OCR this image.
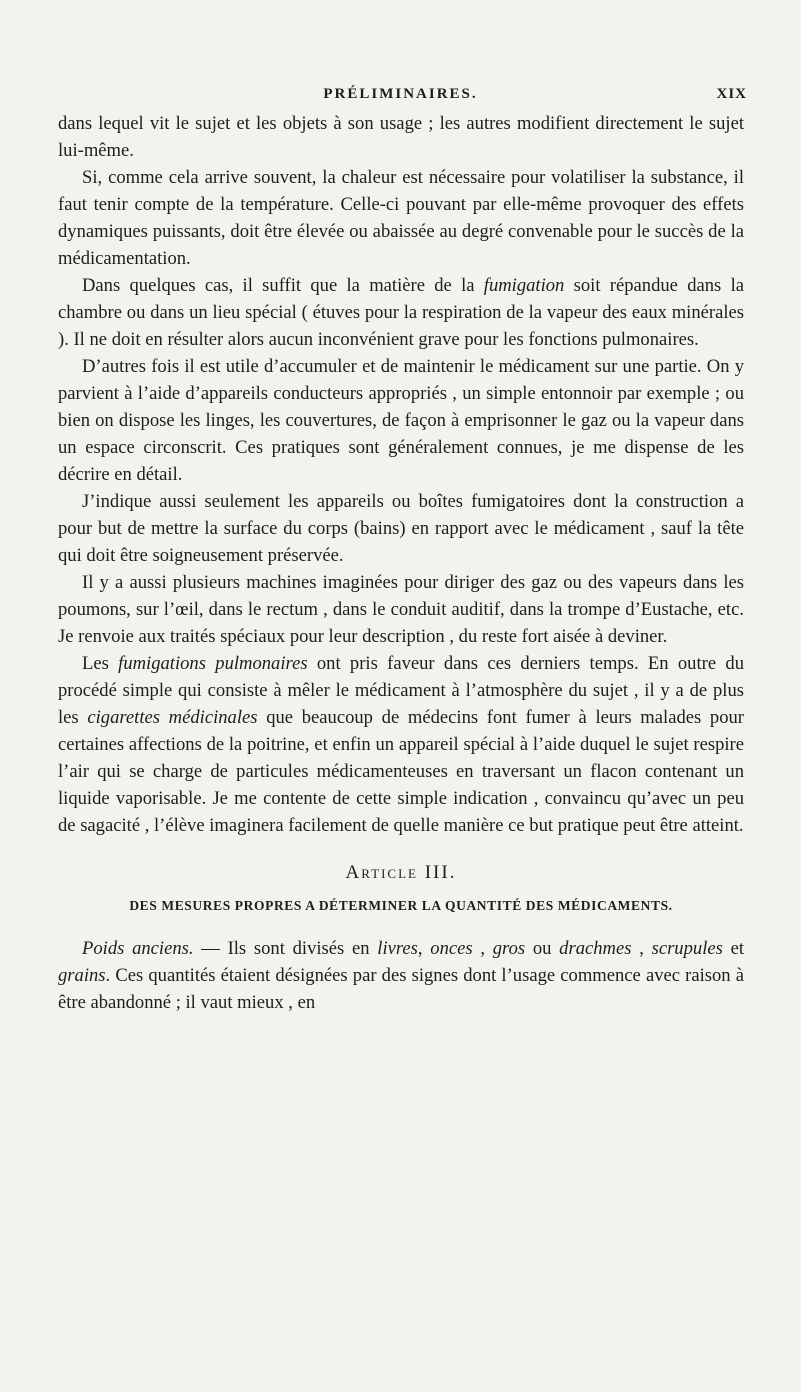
PRÉLIMINAIRES.	XIX

dans lequel vit le sujet et les objets à son usage ; les autres modifient directement le sujet lui-même.

Si, comme cela arrive souvent, la chaleur est nécessaire pour volatiliser la substance, il faut tenir compte de la température. Celle-ci pouvant par elle-même provoquer des effets dynamiques puissants, doit être élevée ou abaissée au degré convenable pour le succès de la médicamentation.

Dans quelques cas, il suffit que la matière de la fumigation soit répandue dans la chambre ou dans un lieu spécial ( étuves pour la respiration de la vapeur des eaux minérales ). Il ne doit en résulter alors aucun inconvénient grave pour les fonctions pulmonaires.

D’autres fois il est utile d’accumuler et de maintenir le médicament sur une partie. On y parvient à l’aide d’appareils conducteurs appropriés , un simple entonnoir par exemple ; ou bien on dispose les linges, les couvertures, de façon à emprisonner le gaz ou la vapeur dans un espace circonscrit. Ces pratiques sont généralement connues, je me dispense de les décrire en détail.

J’indique aussi seulement les appareils ou boîtes fumigatoires dont la construction a pour but de mettre la surface du corps (bains) en rapport avec le médicament , sauf la tête qui doit être soigneusement préservée.

Il y a aussi plusieurs machines imaginées pour diriger des gaz ou des vapeurs dans les poumons, sur l’œil, dans le rectum , dans le conduit auditif, dans la trompe d’Eustache, etc. Je renvoie aux traités spéciaux pour leur description , du reste fort aisée à deviner.

Les fumigations pulmonaires ont pris faveur dans ces derniers temps. En outre du procédé simple qui consiste à mêler le médicament à l’atmosphère du sujet , il y a de plus les cigarettes médicinales que beaucoup de médecins font fumer à leurs malades pour certaines affections de la poitrine, et enfin un appareil spécial à l’aide duquel le sujet respire l’air qui se charge de particules médicamenteuses en traversant un flacon contenant un liquide vaporisable. Je me contente de cette simple indication , convaincu qu’avec un peu de sagacité , l’élève imaginera facilement de quelle manière ce but pratique peut être atteint.

Article III.
DES MESURES PROPRES A DÉTERMINER LA QUANTITÉ DES MÉDICAMENTS.

Poids anciens. — Ils sont divisés en livres, onces , gros ou drachmes , scrupules et grains. Ces quantités étaient désignées par des signes dont l’usage commence avec raison à être abandonné ; il vaut mieux , en
